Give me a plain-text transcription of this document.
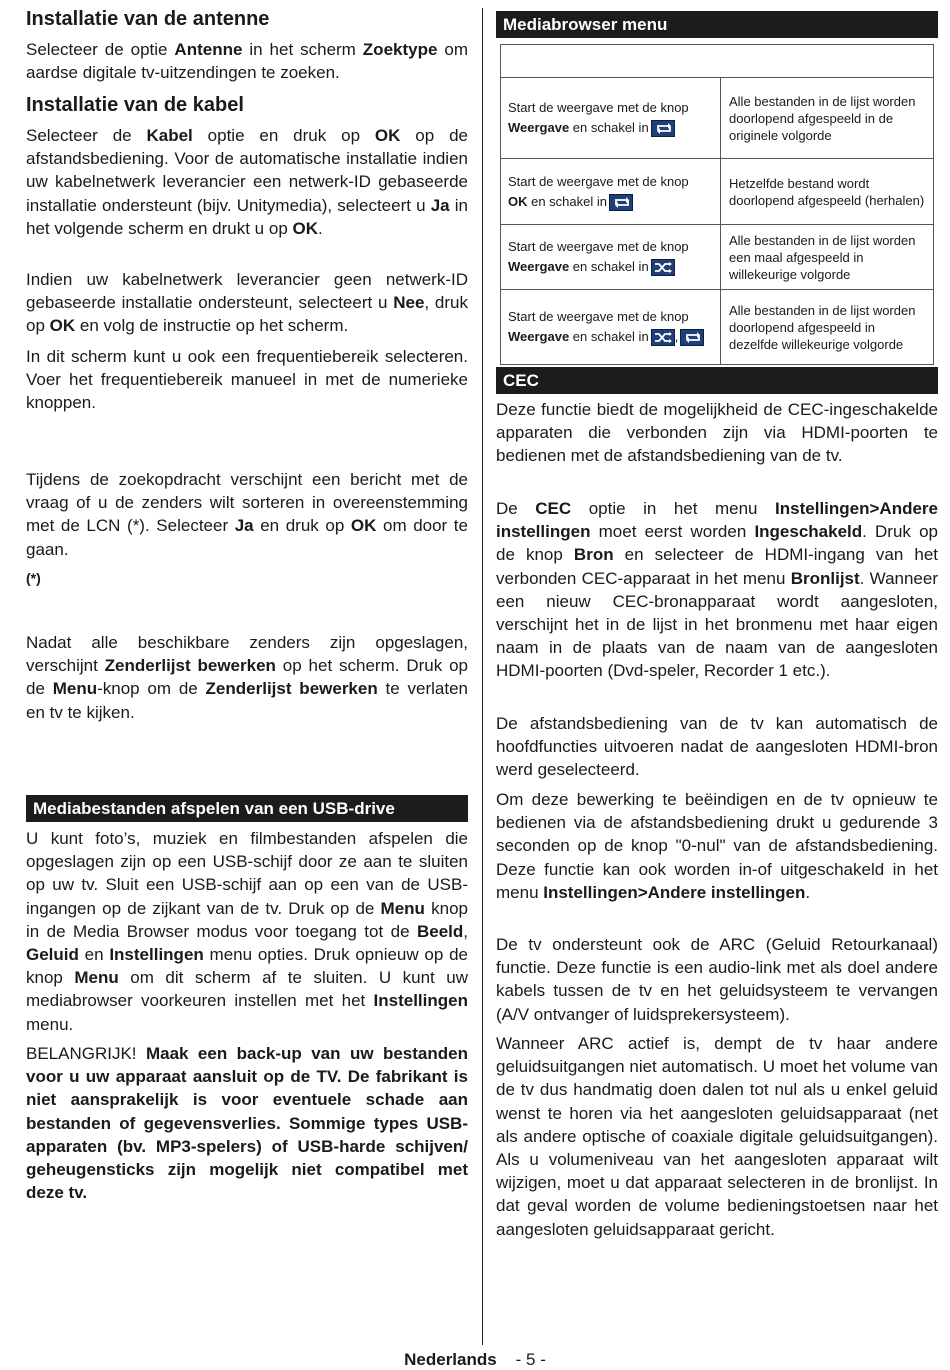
Installatie van de antenne

Selecteer de optie Antenne in het scherm Zoektype om aardse digitale tv-uitzendingen te zoeken.

Installatie van de kabel

Selecteer de Kabel optie en druk op OK op de afstandsbediening. Voor de automatische installatie indien uw kabelnetwerk leverancier een netwerk-ID gebaseerde installatie ondersteunt (bijv. Unitymedia), selecteert u Ja in het volgende scherm en drukt u op OK.

Indien uw kabelnetwerk leverancier geen netwerk-ID gebaseerde installatie ondersteunt, selecteert u Nee, druk op OK en volg de instructie op het scherm.

In dit scherm kunt u ook een frequentiebereik selecteren. Voer het frequentiebereik manueel in met de numerieke knoppen.

Tijdens de zoekopdracht verschijnt een bericht met de vraag of u de zenders wilt sorteren in overeenstemming met de LCN (*). Selecteer Ja en druk op OK om door te gaan.

(*)

Nadat alle beschikbare zenders zijn opgeslagen, verschijnt Zenderlijst bewerken op het scherm. Druk op de Menu-knop om de Zenderlijst bewerken te verlaten en tv te kijken.

Mediabestanden afspelen van een USB-drive

U kunt foto’s, muziek en filmbestanden afspelen die opgeslagen zijn op een USB-schijf door ze aan te sluiten op uw tv. Sluit een USB-schijf aan op een van de USB-ingangen op de zijkant van de tv. Druk op de Menu knop in de Media Browser modus voor toegang tot de Beeld, Geluid en Instellingen menu opties. Druk opnieuw op de knop Menu om dit scherm af te sluiten. U kunt uw mediabrowser voorkeuren instellen met het Instellingen menu.

BELANGRIJK! Maak een back-up van uw bestanden voor u uw apparaat aansluit op de TV. De fabrikant is niet aansprakelijk is voor eventuele schade aan bestanden of gegevensverlies. Sommige types USB-apparaten (bv. MP3-spelers) of USB-harde schijven/ geheugensticks zijn mogelijk niet compatibel met deze tv.

Mediabrowser menu
Start de weergave met de knop
Weergave en schakel in
Alle bestanden in de lijst worden doorlopend afgespeeld in de originele volgorde
Start de weergave met de knop
OK en schakel in
Hetzelfde bestand wordt doorlopend afgespeeld (herhalen)
Start de weergave met de knop
Weergave en schakel in
Alle bestanden in de lijst worden een maal afgespeeld in willekeurige volgorde
Start de weergave met de knop
Weergave en schakel in ,
Alle bestanden in de lijst worden doorlopend afgespeeld in dezelfde willekeurige volgorde
CEC

Deze functie biedt de mogelijkheid de CEC-ingeschakelde apparaten die verbonden zijn via HDMI-poorten te bedienen met de afstandsbediening van de tv.

De CEC optie in het menu Instellingen>Andere instellingen moet eerst worden Ingeschakeld. Druk op de knop Bron en selecteer de HDMI-ingang van het verbonden CEC-apparaat in het menu Bronlijst. Wanneer een nieuw CEC-bronapparaat wordt aangesloten, verschijnt het in de lijst in het bronmenu met haar eigen naam in de plaats van de naam van de aangesloten HDMI-poorten (Dvd-speler, Recorder 1 etc.).

De afstandsbediening van de tv kan automatisch de hoofdfuncties uitvoeren nadat de aangesloten HDMI-bron werd geselecteerd.

Om deze bewerking te beëindigen en de tv opnieuw te bedienen via de afstandsbediening drukt u gedurende 3 seconden op de knop "0-nul" van de afstandsbediening. Deze functie kan ook worden in-of uitgeschakeld in het menu Instellingen>Andere instellingen.

De tv ondersteunt ook de ARC (Geluid Retourkanaal) functie. Deze functie is een audio-link met als doel andere kabels tussen de tv en het geluidsysteem te vervangen (A/V ontvanger of luidsprekersysteem).

Wanneer ARC actief is, dempt de tv haar andere geluidsuitgangen niet automatisch. U moet het volume van de tv dus handmatig doen dalen tot nul als u enkel geluid wenst te horen via het aangesloten geluidsapparaat (net als andere optische of coaxiale digitale geluidsuitgangen). Als u volumeniveau van het aangesloten apparaat wilt wijzigen, moet u dat apparaat selecteren in de bronlijst. In dat geval worden de volume bedieningstoetsen naar het aangesloten geluidsapparaat gericht.

Nederlands - 5 -
